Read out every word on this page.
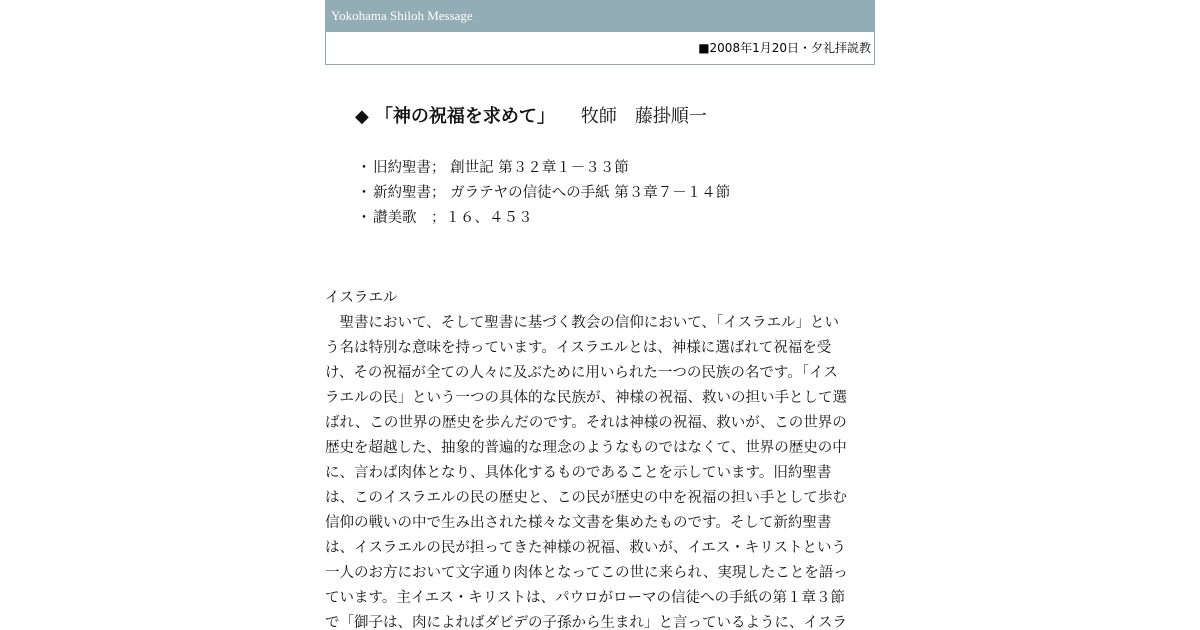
Yokohama Shiloh Message
■2008年1月20日・夕礼拝説教
◆ 「神の祝福を求めて」 牧師　藤掛順一
・ 旧約聖書； 創世記 第３２章１－３３節
・ 新約聖書； ガラテヤの信徒への手紙 第３章７－１４節
・ 讃美歌　；１６、４５３
イスラエル
　聖書において、そして聖書に基づく教会の信仰において、「イスラエル」とい
う名は特別な意味を持っています。イスラエルとは、神様に選ばれて祝福を受
け、その祝福が全ての人々に及ぶために用いられた一つの民族の名です。「イス
ラエルの民」という一つの具体的な民族が、神様の祝福、救いの担い手として選
ばれ、この世界の歴史を歩んだのです。それは神様の祝福、救いが、この世界の
歴史を超越した、抽象的普遍的な理念のようなものではなくて、世界の歴史の中
に、言わば肉体となり、具体化するものであることを示しています。旧約聖書
は、このイスラエルの民の歴史と、この民が歴史の中を祝福の担い手として歩む
信仰の戦いの中で生み出された様々な文書を集めたものです。そして新約聖書
は、イスラエルの民が担ってきた神様の祝福、救いが、イエス・キリストという
一人のお方において文字通り肉体となってこの世に来られ、実現したことを語っ
ています。主イエス・キリストは、パウロがローマの信徒への手紙の第１章３節
で「御子は、肉によればダビデの子孫から生まれ」と言っているように、イスラ
